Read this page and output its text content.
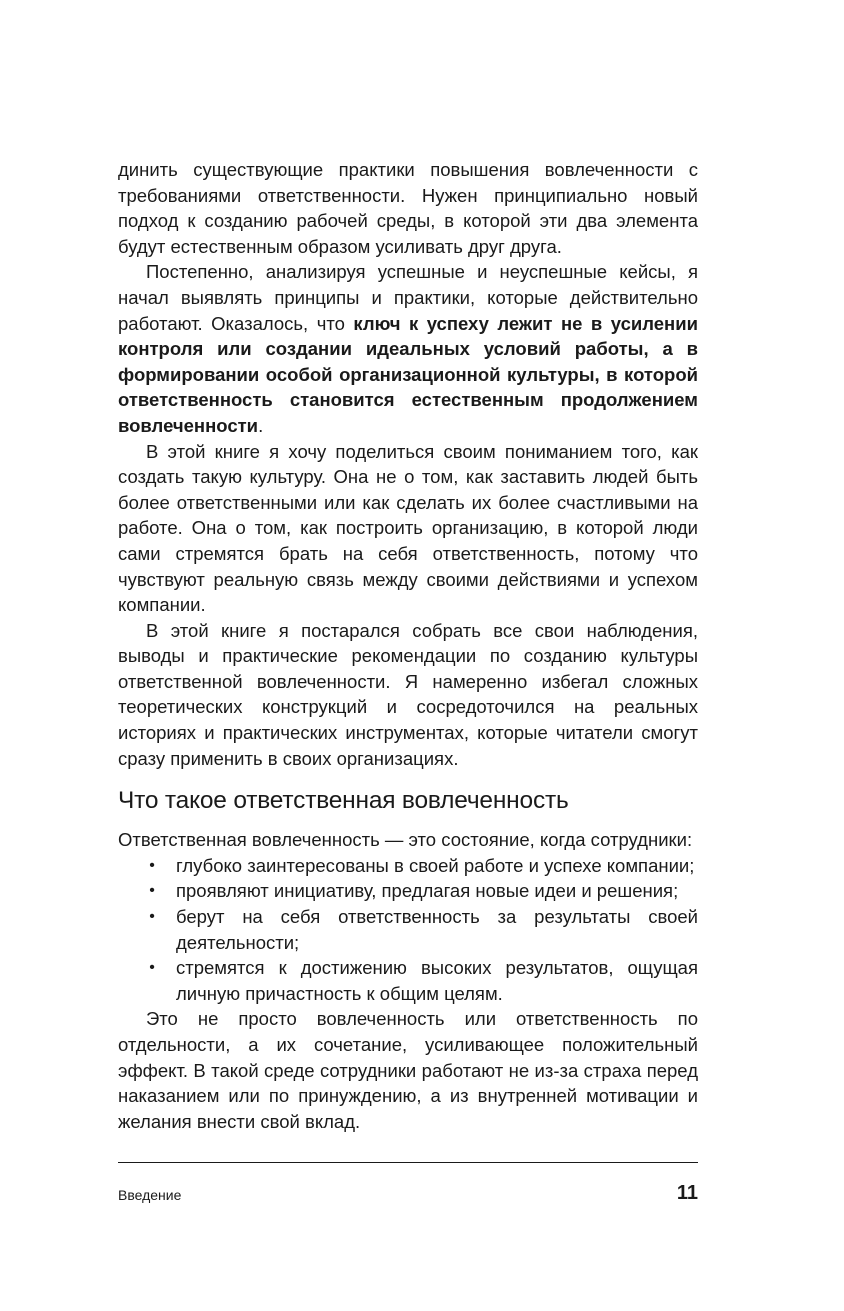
динить существующие практики повышения вовлеченности с требованиями ответственности. Нужен принципиально новый подход к созданию рабочей среды, в которой эти два элемента будут естественным образом усиливать друг друга.

Постепенно, анализируя успешные и неуспешные кейсы, я начал выявлять принципы и практики, которые действительно работают. Оказалось, что ключ к успеху лежит не в усилении контроля или создании идеальных условий работы, а в формировании особой организационной культуры, в которой ответственность становится естественным продолжением вовлеченности.

В этой книге я хочу поделиться своим пониманием того, как создать такую культуру. Она не о том, как заставить людей быть более ответственными или как сделать их более счастливыми на работе. Она о том, как построить организацию, в которой люди сами стремятся брать на себя ответственность, потому что чувствуют реальную связь между своими действиями и успехом компании.

В этой книге я постарался собрать все свои наблюдения, выводы и практические рекомендации по созданию культуры ответственной вовлеченности. Я намеренно избегал сложных теоретических конструкций и сосредоточился на реальных историях и практических инструментах, которые читатели смогут сразу применить в своих организациях.

Что такое ответственная вовлеченность

Ответственная вовлеченность — это состояние, когда сотрудники:

• глубоко заинтересованы в своей работе и успехе компании;
• проявляют инициативу, предлагая новые идеи и решения;
• берут на себя ответственность за результаты своей деятельности;
• стремятся к достижению высоких результатов, ощущая личную причастность к общим целям.

Это не просто вовлеченность или ответственность по отдельности, а их сочетание, усиливающее положительный эффект. В такой среде сотрудники работают не из-за страха перед наказанием или по принуждению, а из внутренней мотивации и желания внести свой вклад.

Введение	11
